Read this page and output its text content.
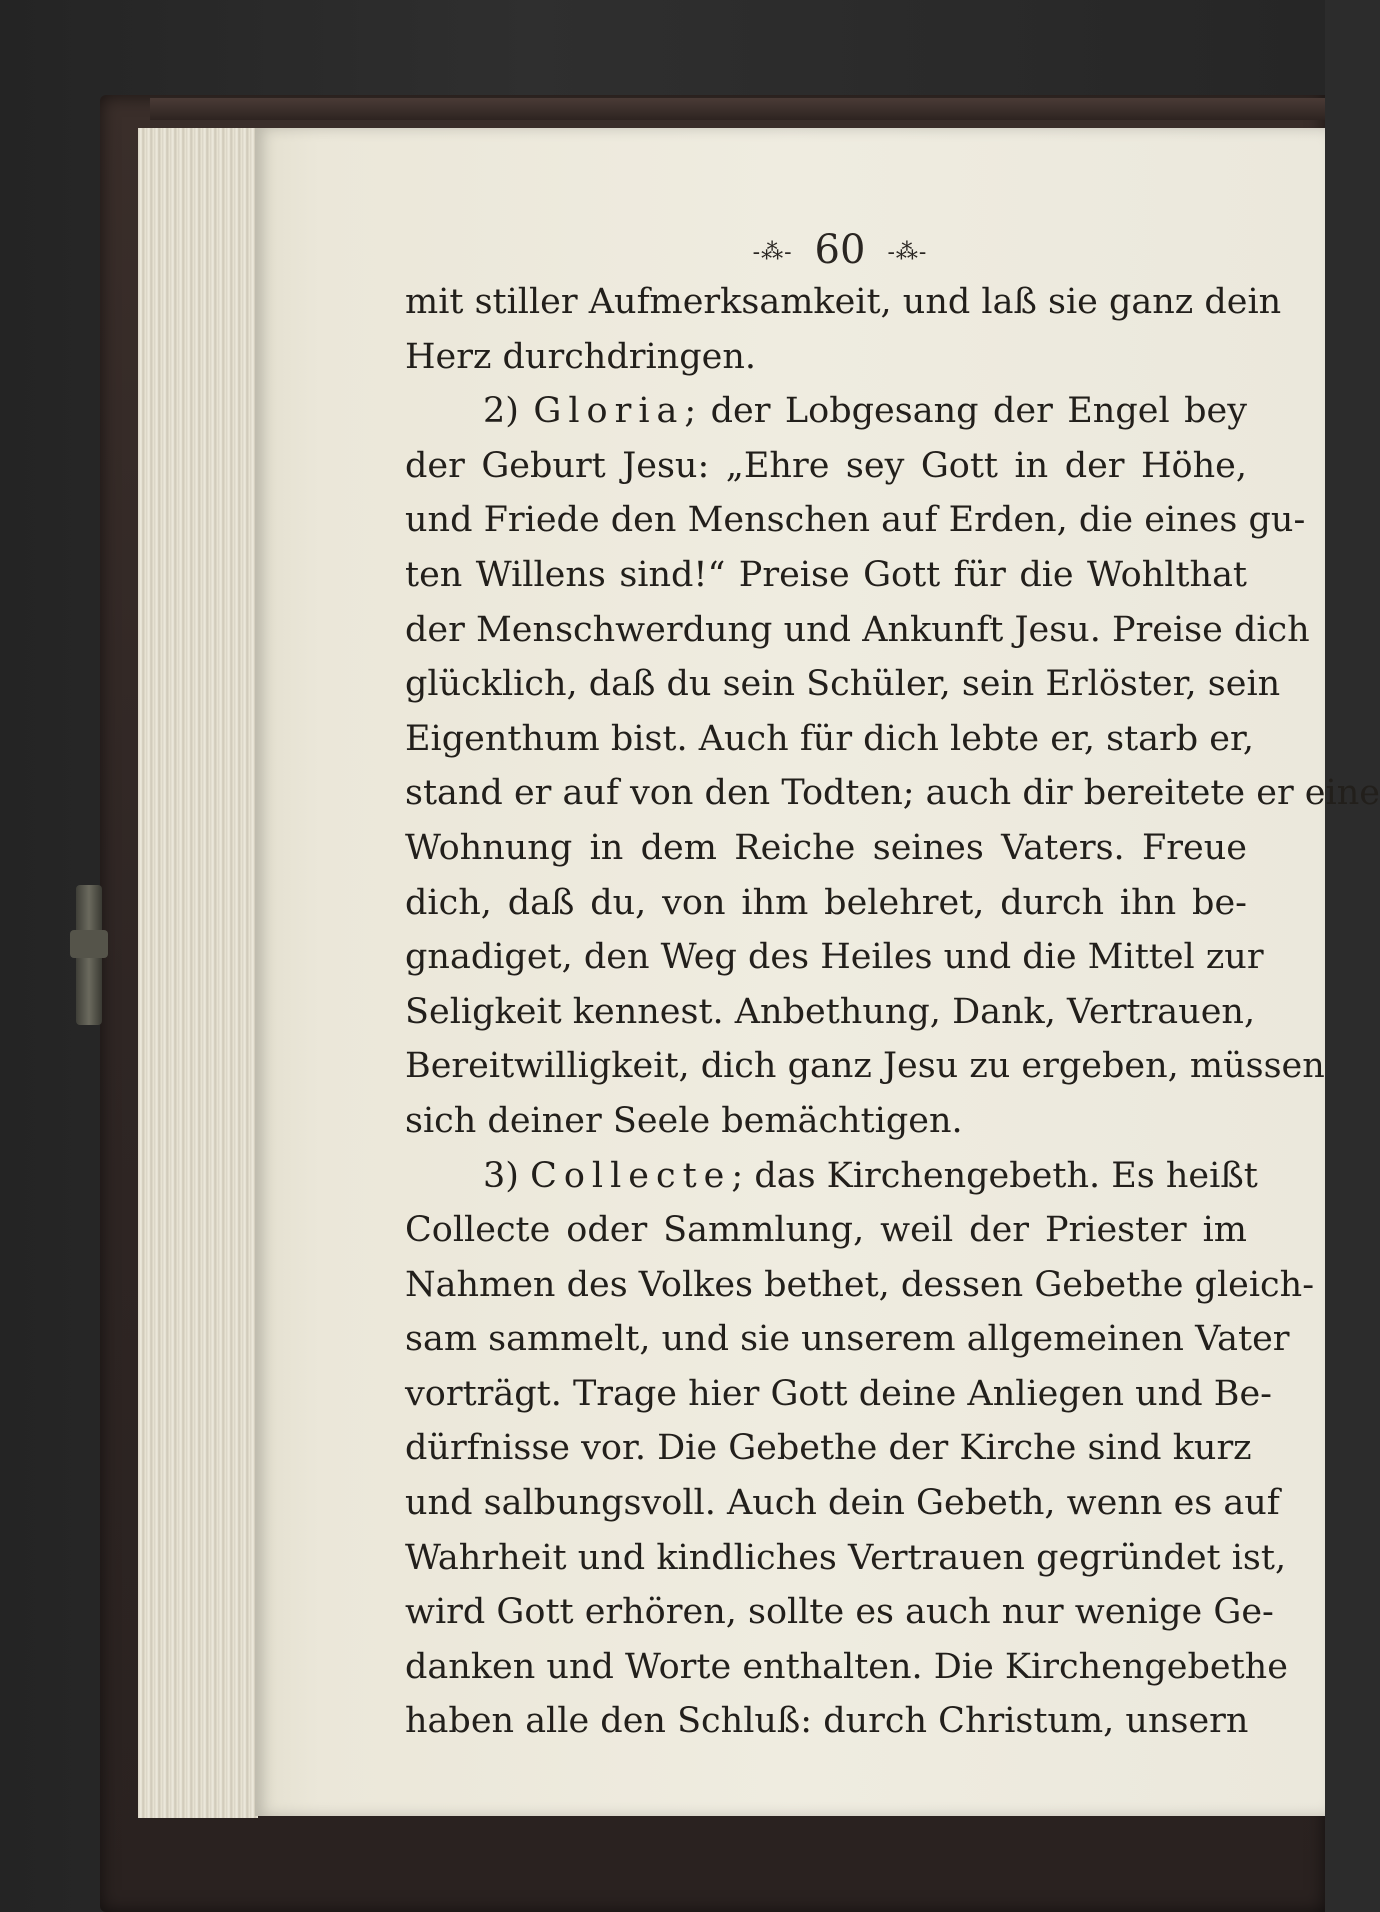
-⁂- 60 -⁂-
mit stiller Aufmerksamkeit, und laß sie ganz dein
Herz durchdringen.
2) Gloria; der Lobgesang der Engel bey
der Geburt Jesu: „Ehre sey Gott in der Höhe,
und Friede den Menschen auf Erden, die eines gu-
ten Willens sind!“ Preise Gott für die Wohlthat
der Menschwerdung und Ankunft Jesu. Preise dich
glücklich, daß du sein Schüler, sein Erlöster, sein
Eigenthum bist. Auch für dich lebte er, starb er,
stand er auf von den Todten; auch dir bereitete er eine
Wohnung in dem Reiche seines Vaters. Freue
dich, daß du, von ihm belehret, durch ihn be-
gnadiget, den Weg des Heiles und die Mittel zur
Seligkeit kennest. Anbethung, Dank, Vertrauen,
Bereitwilligkeit, dich ganz Jesu zu ergeben, müssen
sich deiner Seele bemächtigen.
3) Collecte; das Kirchengebeth. Es heißt
Collecte oder Sammlung, weil der Priester im
Nahmen des Volkes bethet, dessen Gebethe gleich-
sam sammelt, und sie unserem allgemeinen Vater
vorträgt. Trage hier Gott deine Anliegen und Be-
dürfnisse vor. Die Gebethe der Kirche sind kurz
und salbungsvoll. Auch dein Gebeth, wenn es auf
Wahrheit und kindliches Vertrauen gegründet ist,
wird Gott erhören, sollte es auch nur wenige Ge-
danken und Worte enthalten. Die Kirchengebethe
haben alle den Schluß: durch Christum, unsern
